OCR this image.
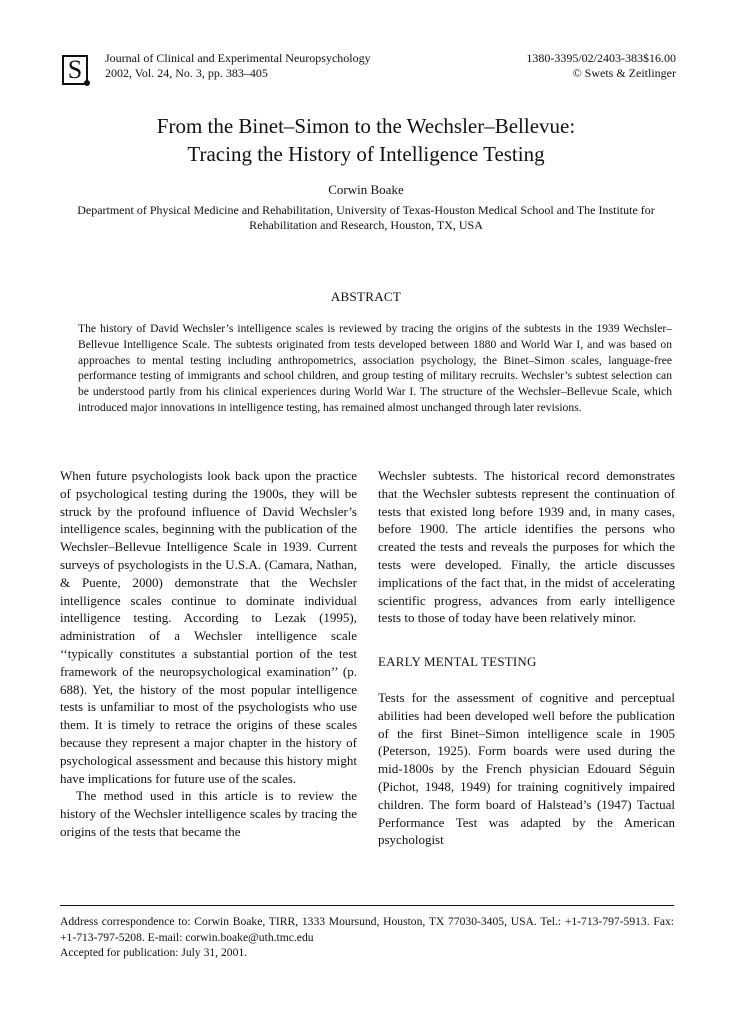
S	Journal of Clinical and Experimental Neuropsychology
2002, Vol. 24, No. 3, pp. 383–405
1380-3395/02/2403-383$16.00
© Swets & Zeitlinger
From the Binet–Simon to the Wechsler–Bellevue:
Tracing the History of Intelligence Testing
Corwin Boake
Department of Physical Medicine and Rehabilitation, University of Texas-Houston Medical School and The Institute for Rehabilitation and Research, Houston, TX, USA
ABSTRACT
The history of David Wechsler’s intelligence scales is reviewed by tracing the origins of the subtests in the 1939 Wechsler–Bellevue Intelligence Scale. The subtests originated from tests developed between 1880 and World War I, and was based on approaches to mental testing including anthropometrics, association psychology, the Binet–Simon scales, language-free performance testing of immigrants and school children, and group testing of military recruits. Wechsler’s subtest selection can be understood partly from his clinical experiences during World War I. The structure of the Wechsler–Bellevue Scale, which introduced major innovations in intelligence testing, has remained almost unchanged through later revisions.

When future psychologists look back upon the practice of psychological testing during the 1900s, they will be struck by the profound influence of David Wechsler’s intelligence scales, beginning with the publication of the Wechsler–Bellevue Intelligence Scale in 1939. Current surveys of psychologists in the U.S.A. (Camara, Nathan, & Puente, 2000) demonstrate that the Wechsler intelligence scales continue to dominate individual intelligence testing. According to Lezak (1995), administration of a Wechsler intelligence scale ‘‘typically constitutes a substantial portion of the test framework of the neuropsychological examination’’ (p. 688). Yet, the history of the most popular intelligence tests is unfamiliar to most of the psychologists who use them. It is timely to retrace the origins of these scales because they represent a major chapter in the history of psychological assessment and because this history might have implications for future use of the scales.

The method used in this article is to review the history of the Wechsler intelligence scales by tracing the origins of the tests that became the

Wechsler subtests. The historical record demonstrates that the Wechsler subtests represent the continuation of tests that existed long before 1939 and, in many cases, before 1900. The article identifies the persons who created the tests and reveals the purposes for which the tests were developed. Finally, the article discusses implications of the fact that, in the midst of accelerating scientific progress, advances from early intelligence tests to those of today have been relatively minor.

EARLY MENTAL TESTING

Tests for the assessment of cognitive and perceptual abilities had been developed well before the publication of the first Binet–Simon intelligence scale in 1905 (Peterson, 1925). Form boards were used during the mid-1800s by the French physician Edouard Séguin (Pichot, 1948, 1949) for training cognitively impaired children. The form board of Halstead’s (1947) Tactual Performance Test was adapted by the American psychologist

Address correspondence to: Corwin Boake, TIRR, 1333 Moursund, Houston, TX 77030-3405, USA. Tel.: +1-713-797-5913. Fax: +1-713-797-5208. E-mail: corwin.boake@uth.tmc.edu

Accepted for publication: July 31, 2001.
